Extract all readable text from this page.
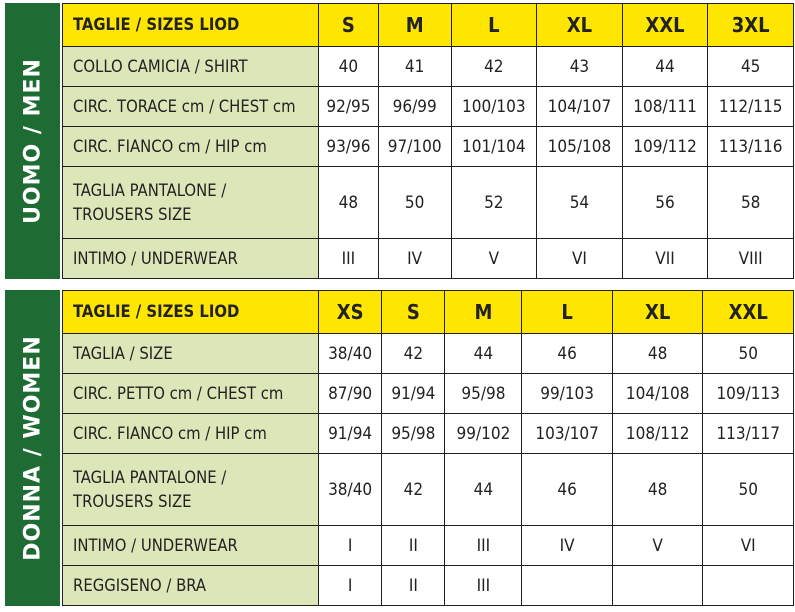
UOMO / MEN
TAGLIE / SIZES LIOD	S	M	L	XL	XXL	3XL
COLLO CAMICIA / SHIRT	40	41	42	43	44	45
CIRC. TORACE cm / CHEST cm	92/95	96/99	100/103	104/107	108/111	112/115
CIRC. FIANCO cm / HIP cm	93/96	97/100	101/104	105/108	109/112	113/116

TAGLIA PANTALONE /
TROUSERS SIZE	48	50	52	54	56	58
INTIMO / UNDERWEAR	III	IV	V	VI	VII	VIII
DONNA / WOMEN
TAGLIE / SIZES LIOD	XS	S	M	L	XL	XXL
TAGLIA / SIZE	38/40	42	44	46	48	50
CIRC. PETTO cm / CHEST cm	87/90	91/94	95/98	99/103	104/108	109/113
CIRC. FIANCO cm / HIP cm	91/94	95/98	99/102	103/107	108/112	113/117

TAGLIA PANTALONE /
TROUSERS SIZE	38/40	42	44	46	48	50
INTIMO / UNDERWEAR	I	II	III	IV	V	VI
REGGISENO / BRA	I	II	III			
